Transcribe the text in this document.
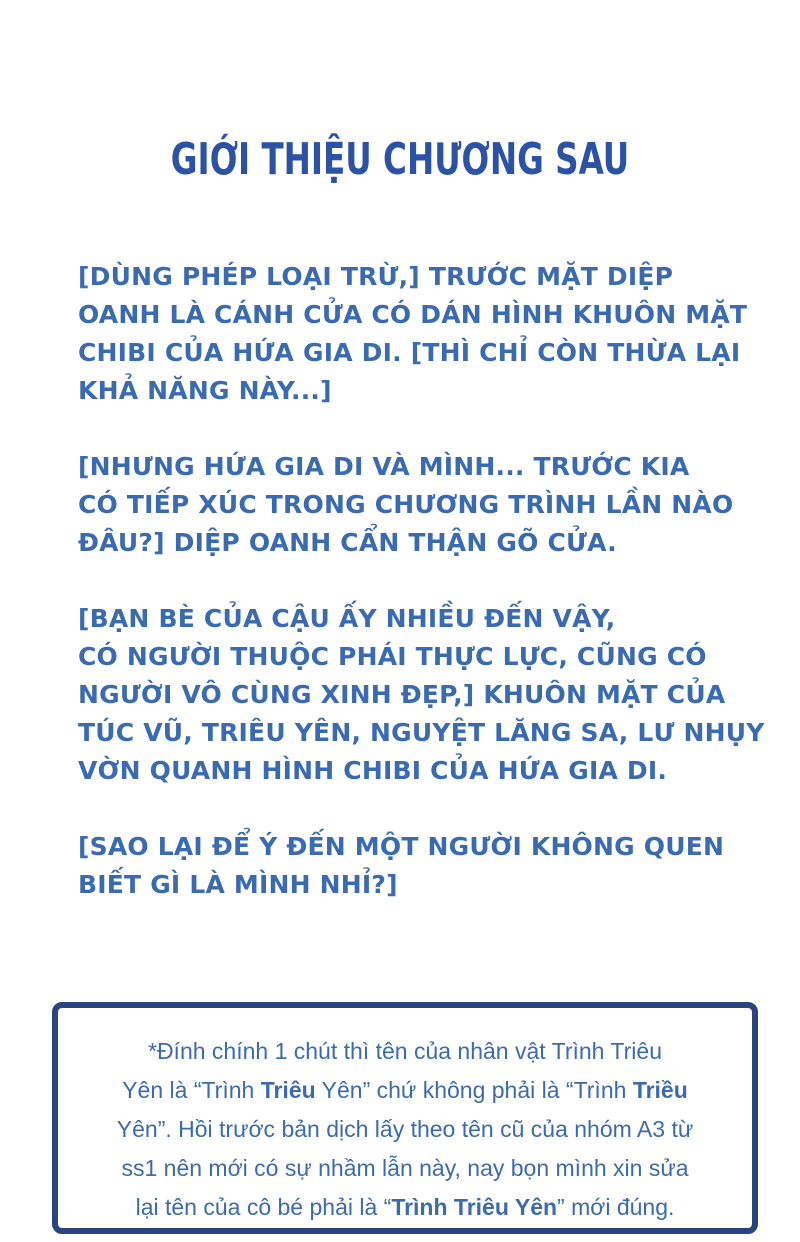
GIỚI THIỆU CHƯƠNG SAU

[DÙNG PHÉP LOẠI TRỪ,] TRƯỚC MẶT DIỆP
OANH LÀ CÁNH CỬA CÓ DÁN HÌNH KHUÔN MẶT
CHIBI CỦA HỨA GIA DI. [THÌ CHỈ CÒN THỪA LẠI
KHẢ NĂNG NÀY...]

[NHƯNG HỨA GIA DI VÀ MÌNH... TRƯỚC KIA
CÓ TIẾP XÚC TRONG CHƯƠNG TRÌNH LẦN NÀO
ĐÂU?] DIỆP OANH CẨN THẬN GÕ CỬA.

[BẠN BÈ CỦA CẬU ẤY NHIỀU ĐẾN VẬY,
CÓ NGƯỜI THUỘC PHÁI THỰC LỰC, CŨNG CÓ
NGƯỜI VÔ CÙNG XINH ĐẸP,] KHUÔN MẶT CỦA
TÚC VŨ, TRIÊU YÊN, NGUYỆT LĂNG SA, LƯ NHỤY
VỜN QUANH HÌNH CHIBI CỦA HỨA GIA DI.

[SAO LẠI ĐỂ Ý ĐẾN MỘT NGƯỜI KHÔNG QUEN
BIẾT GÌ LÀ MÌNH NHỈ?]

*Đính chính 1 chút thì tên của nhân vật Trình Triêu
Yên là “Trình Triêu Yên” chứ không phải là “Trình Triều
Yên”. Hồi trước bản dịch lấy theo tên cũ của nhóm A3 từ
ss1 nên mới có sự nhầm lẫn này, nay bọn mình xin sửa
lại tên của cô bé phải là “Trình Triêu Yên” mới đúng.
